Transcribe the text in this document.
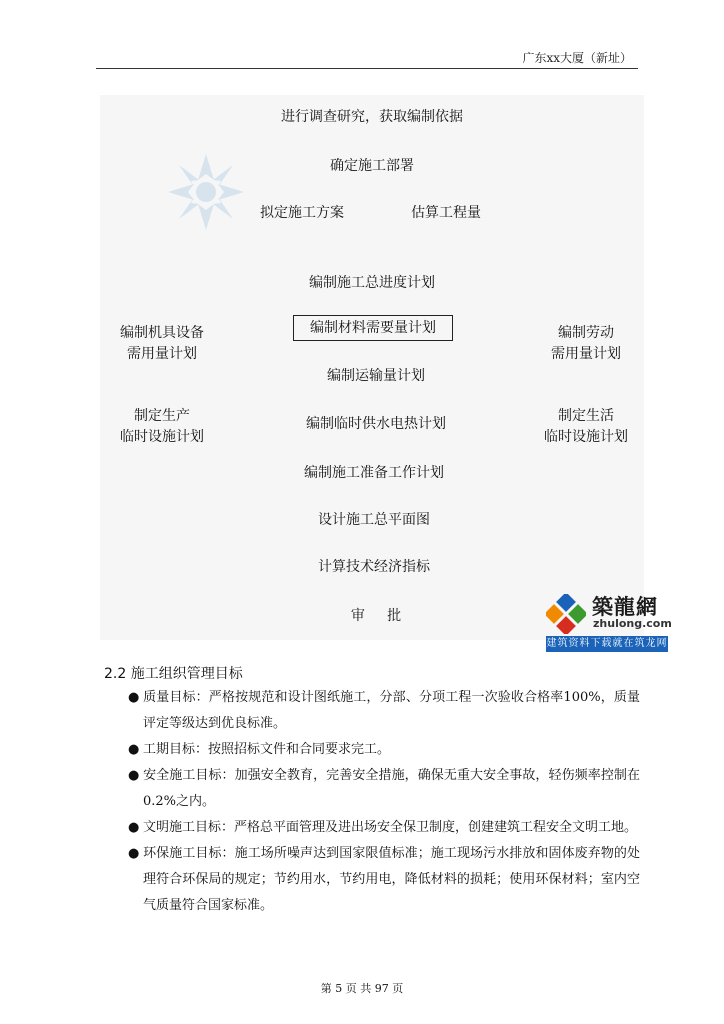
广东xx大厦（新址）
进行调查研究，获取编制依据
确定施工部署
拟定施工方案	估算工程量
编制施工总进度计划
编制材料需要量计划
编制运输量计划
编制临时供水电热计划
编制施工准备工作计划
设计施工总平面图
计算技术经济指标
审     批
编制机具设备
需用量计划
制定生产
临时设施计划
编制劳动
需用量计划
制定生活
临时设施计划
築龍網
zhulong.com
建筑资料下载就在筑龙网
2.2 施工组织管理目标
● 质量目标：严格按规范和设计图纸施工，分部、分项工程一次验收合格率100%，质量评定等级达到优良标准。
● 工期目标：按照招标文件和合同要求完工。
● 安全施工目标：加强安全教育，完善安全措施，确保无重大安全事故，轻伤频率控制在0.2%之内。
● 文明施工目标：严格总平面管理及进出场安全保卫制度，创建建筑工程安全文明工地。
● 环保施工目标：施工场所噪声达到国家限值标准；施工现场污水排放和固体废弃物的处理符合环保局的规定；节约用水，节约用电，降低材料的损耗；使用环保材料；室内空气质量符合国家标准。
第 5 页 共 97 页
